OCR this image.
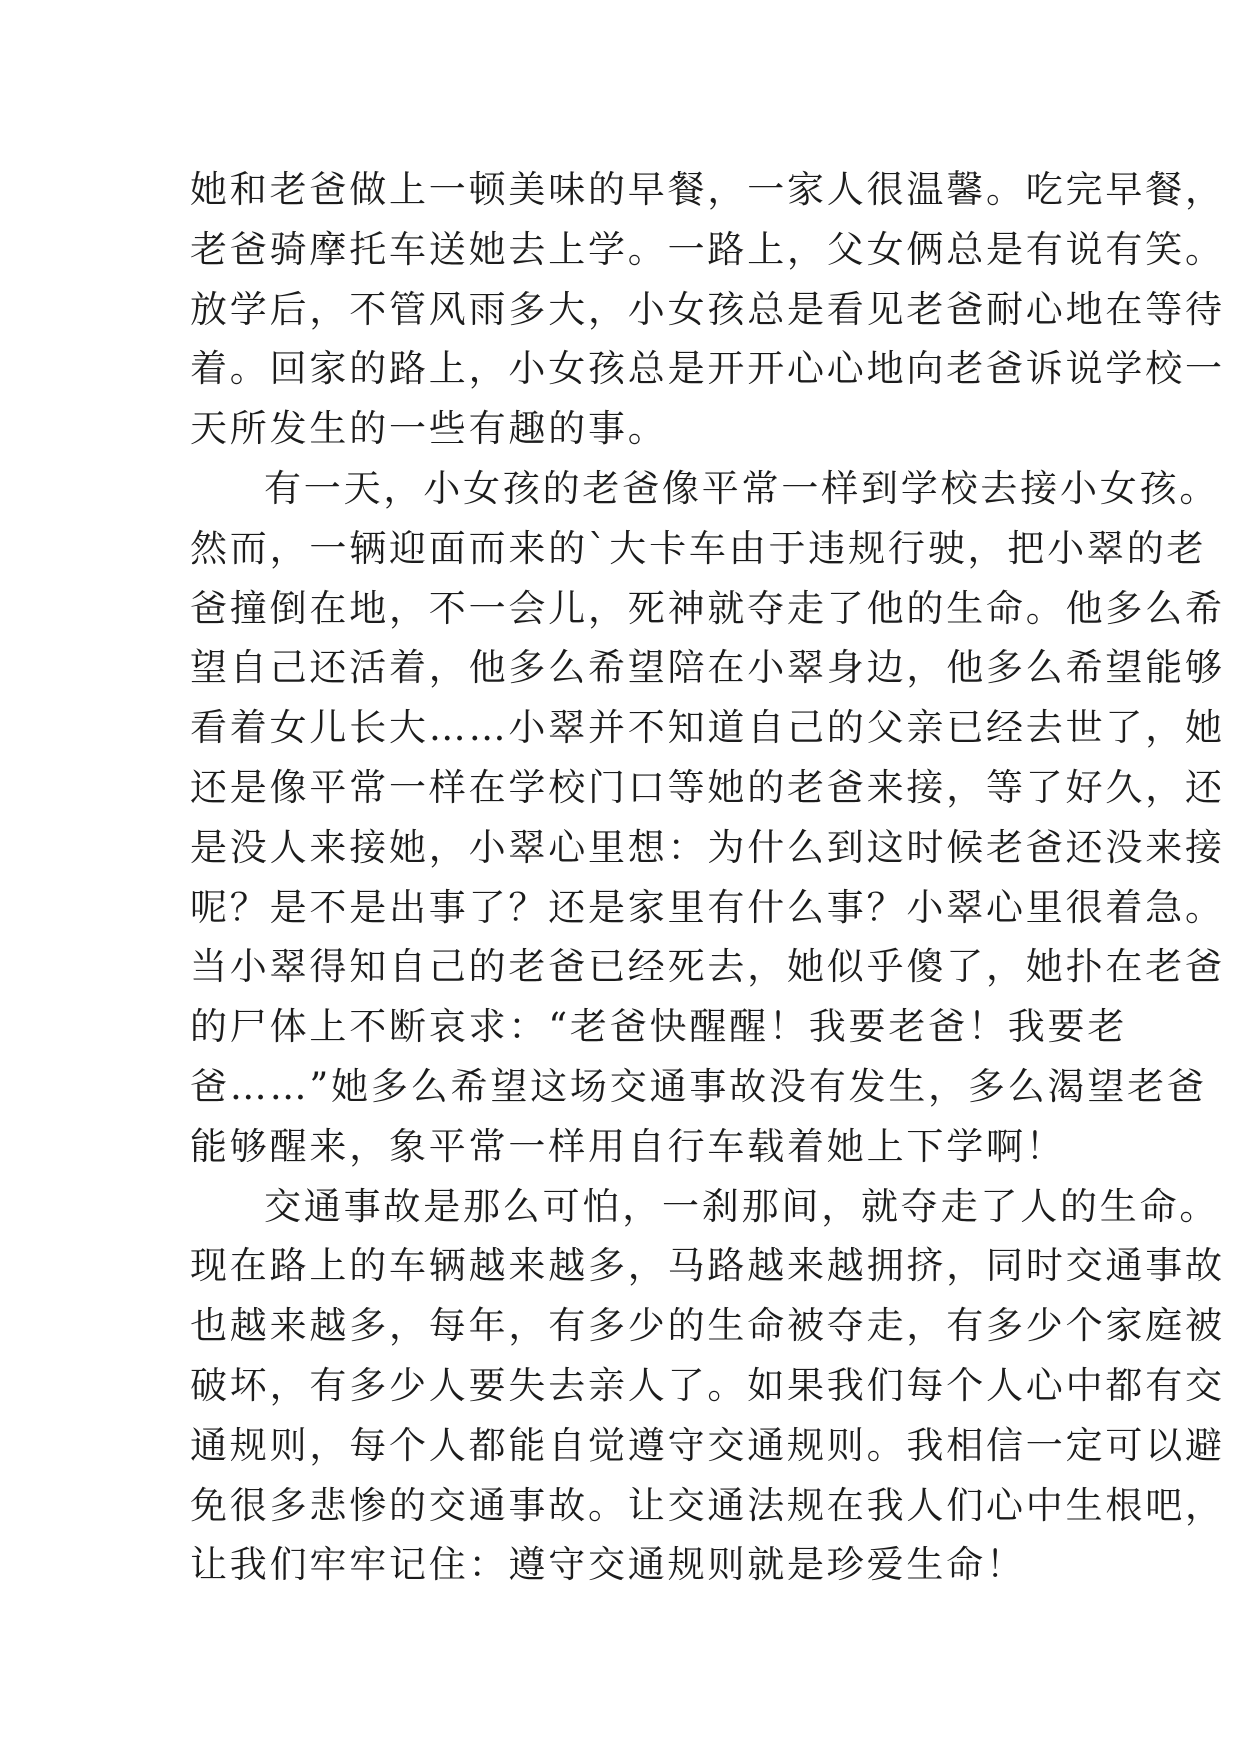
她和老爸做上一顿美味的早餐，一家人很温馨。吃完早餐，
老爸骑摩托车送她去上学。一路上，父女俩总是有说有笑。
放学后，不管风雨多大，小女孩总是看见老爸耐心地在等待
着。回家的路上，小女孩总是开开心心地向老爸诉说学校一
天所发生的一些有趣的事。
有一天，小女孩的老爸像平常一样到学校去接小女孩。
然而，一辆迎面而来的`大卡车由于违规行驶，把小翠的老
爸撞倒在地，不一会儿，死神就夺走了他的生命。他多么希
望自己还活着，他多么希望陪在小翠身边，他多么希望能够
看着女儿长大……小翠并不知道自己的父亲已经去世了，她
还是像平常一样在学校门口等她的老爸来接，等了好久，还
是没人来接她，小翠心里想：为什么到这时候老爸还没来接
呢？是不是出事了？还是家里有什么事？小翠心里很着急。
当小翠得知自己的老爸已经死去，她似乎傻了，她扑在老爸
的尸体上不断哀求：“老爸快醒醒！我要老爸！我要老
爸……”她多么希望这场交通事故没有发生，多么渴望老爸
能够醒来，象平常一样用自行车载着她上下学啊！
交通事故是那么可怕，一刹那间，就夺走了人的生命。
现在路上的车辆越来越多，马路越来越拥挤，同时交通事故
也越来越多，每年，有多少的生命被夺走，有多少个家庭被
破坏，有多少人要失去亲人了。如果我们每个人心中都有交
通规则，每个人都能自觉遵守交通规则。我相信一定可以避
免很多悲惨的交通事故。让交通法规在我人们心中生根吧，
让我们牢牢记住：遵守交通规则就是珍爱生命！
